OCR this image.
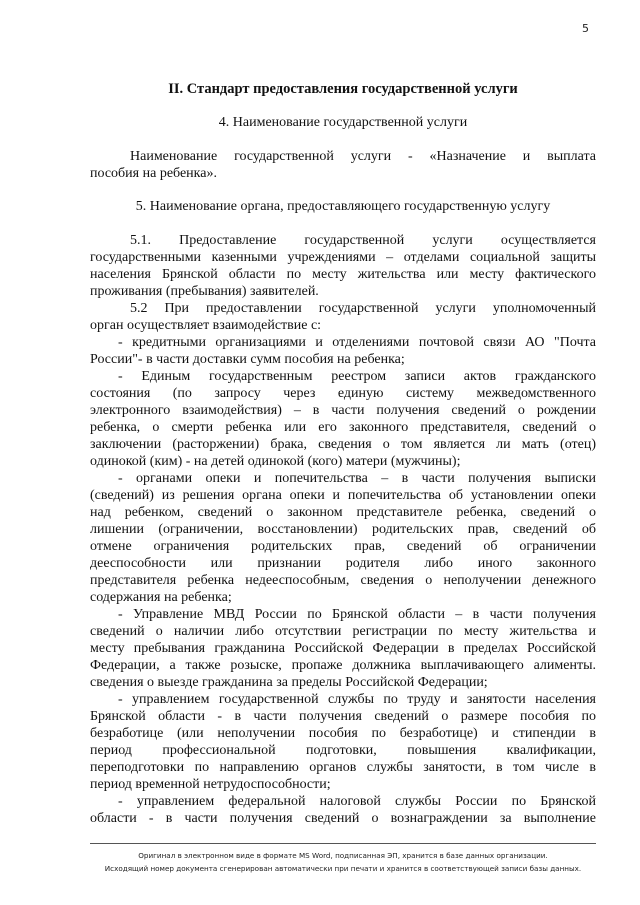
5
II. Стандарт предоставления государственной услуги
4. Наименование государственной услуги
Наименование государственной услуги - «Назначение и выплата
пособия на ребенка».
5. Наименование органа, предоставляющего государственную услугу
5.1. Предоставление государственной услуги осуществляется
государственными казенными учреждениями – отделами социальной защиты
населения Брянской области по месту жительства или месту фактического
проживания (пребывания) заявителей.
5.2 При предоставлении государственной услуги уполномоченный
орган осуществляет взаимодействие с:
- кредитными организациями и отделениями почтовой связи АО "Почта
России"- в части доставки сумм пособия на ребенка;
- Единым государственным реестром записи актов гражданского
состояния (по запросу через единую систему межведомственного
электронного взаимодействия) – в части получения сведений о рождении
ребенка, о смерти ребенка или его законного представителя, сведений о
заключении (расторжении) брака, сведения о том является ли мать (отец)
одинокой (ким) - на детей одинокой (кого) матери (мужчины);
- органами опеки и попечительства – в части получения выписки
(сведений) из решения органа опеки и попечительства об установлении опеки
над ребенком, сведений о законном представителе ребенка, сведений о
лишении (ограничении, восстановлении) родительских прав, сведений об
отмене ограничения родительских прав, сведений об ограничении
дееспособности или признании родителя либо иного законного
представителя ребенка недееспособным, сведения о неполучении денежного
содержания на ребенка;
- Управление МВД России по Брянской области – в части получения
сведений о наличии либо отсутствии регистрации по месту жительства и
месту пребывания гражданина Российской Федерации в пределах Российской
Федерации, а также розыске, пропаже должника выплачивающего алименты.
сведения о выезде гражданина за пределы Российской Федерации;
- управлением государственной службы по труду и занятости населения
Брянской области - в части получения сведений о размере пособия по
безработице (или неполучении пособия по безработице) и стипендии в
период профессиональной подготовки, повышения квалификации,
переподготовки по направлению органов службы занятости, в том числе в
период временной нетрудоспособности;
- управлением федеральной налоговой службы России по Брянской
области - в части получения сведений о вознаграждении за выполнение
Оригинал в электронном виде в формате MS Word, подписанная ЭП, хранится в базе данных организации.
Исходящий номер документа сгенерирован автоматически при печати и хранится в соответствующей записи базы данных.
